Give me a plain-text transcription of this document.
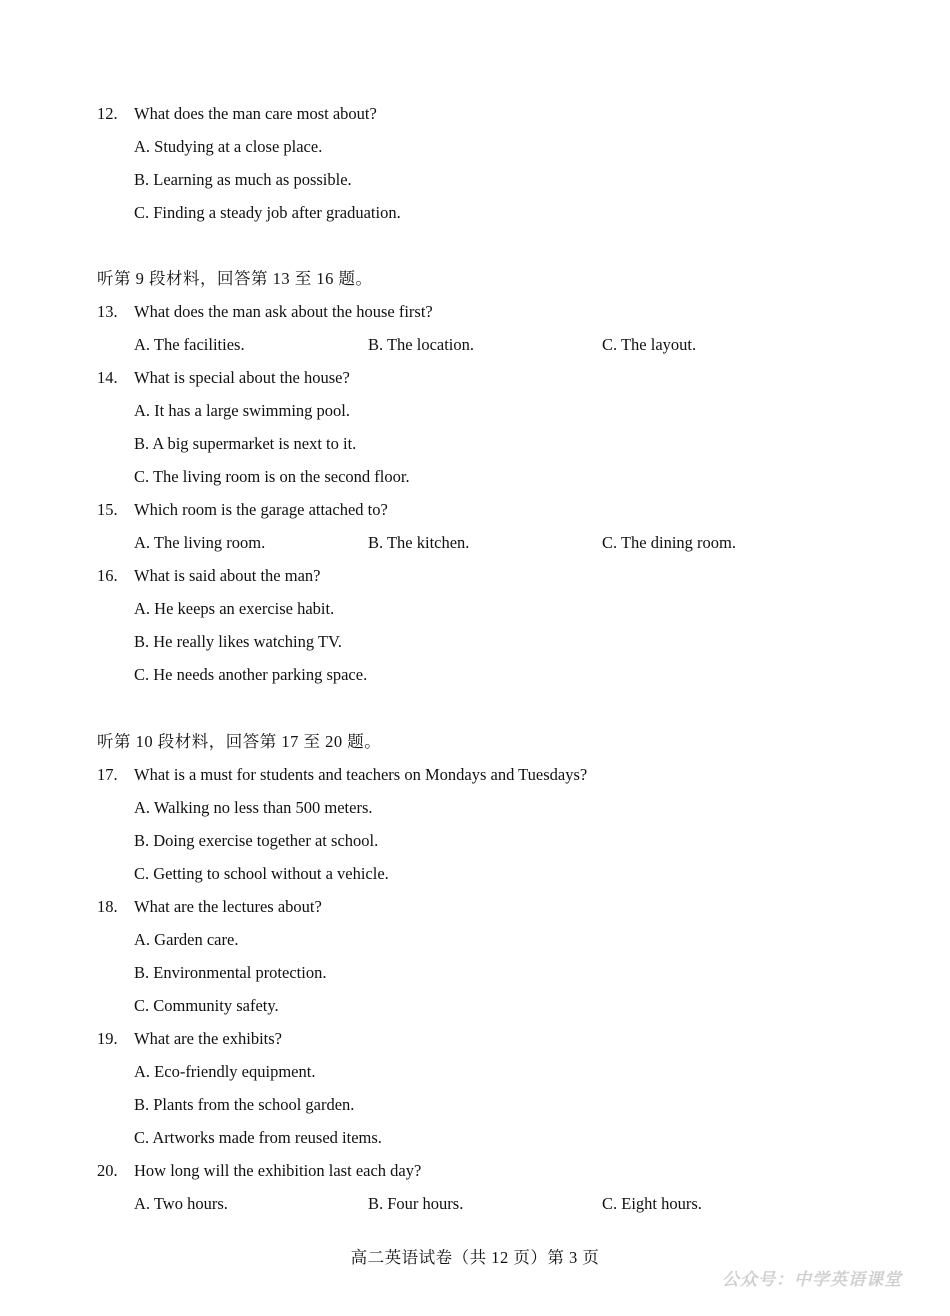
12. What does the man care most about?
A. Studying at a close place.
B. Learning as much as possible.
C. Finding a steady job after graduation.
听第 9 段材料，回答第 13 至 16 题。
13. What does the man ask about the house first?
A. The facilities.	B. The location.	C. The layout.
14. What is special about the house?
A. It has a large swimming pool.
B. A big supermarket is next to it.
C. The living room is on the second floor.
15. Which room is the garage attached to?
A. The living room.	B. The kitchen.	C. The dining room.
16. What is said about the man?
A. He keeps an exercise habit.
B. He really likes watching TV.
C. He needs another parking space.
听第 10 段材料，回答第 17 至 20 题。
17. What is a must for students and teachers on Mondays and Tuesdays?
A. Walking no less than 500 meters.
B. Doing exercise together at school.
C. Getting to school without a vehicle.
18. What are the lectures about?
A. Garden care.
B. Environmental protection.
C. Community safety.
19. What are the exhibits?
A. Eco-friendly equipment.
B. Plants from the school garden.
C. Artworks made from reused items.
20. How long will the exhibition last each day?
A. Two hours.	B. Four hours.	C. Eight hours.
高二英语试卷（共 12 页）第 3 页
公众号：中学英语课堂
